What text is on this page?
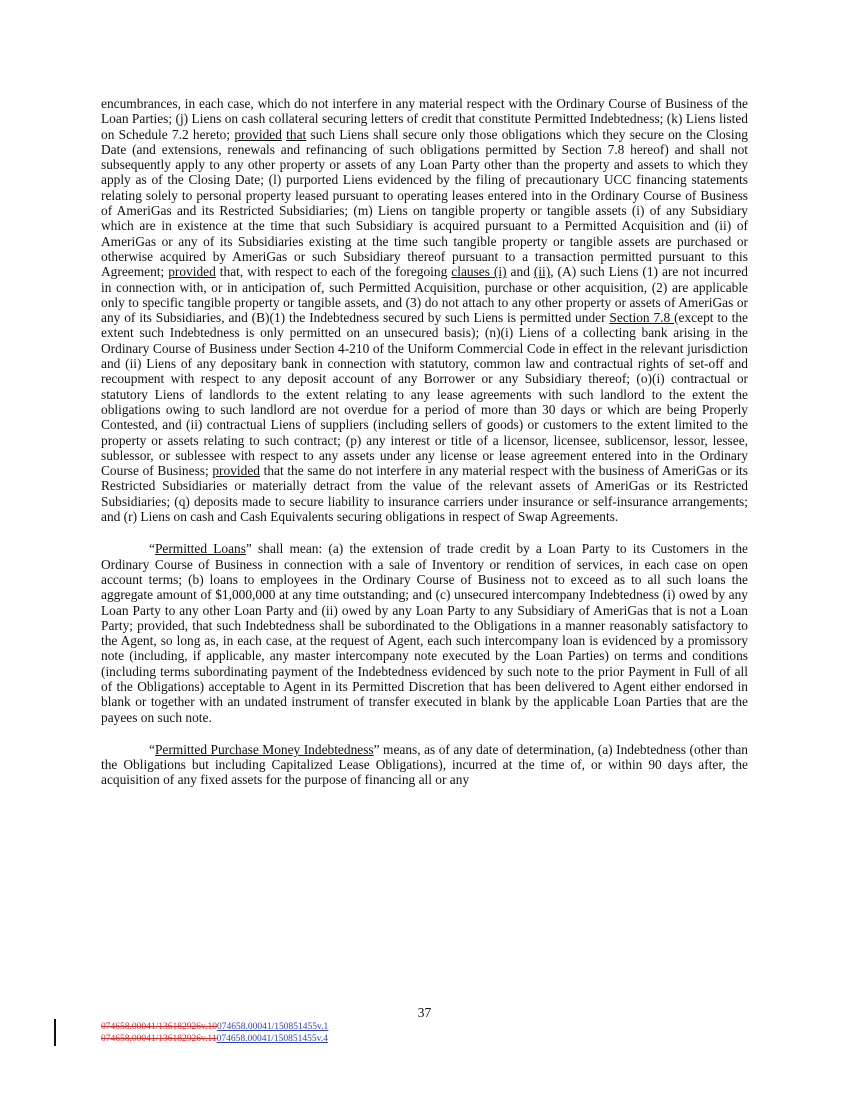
encumbrances, in each case, which do not interfere in any material respect with the Ordinary Course of Business of the Loan Parties; (j) Liens on cash collateral securing letters of credit that constitute Permitted Indebtedness; (k) Liens listed on Schedule 7.2 hereto; provided that such Liens shall secure only those obligations which they secure on the Closing Date (and extensions, renewals and refinancing of such obligations permitted by Section 7.8 hereof) and shall not subsequently apply to any other property or assets of any Loan Party other than the property and assets to which they apply as of the Closing Date; (l) purported Liens evidenced by the filing of precautionary UCC financing statements relating solely to personal property leased pursuant to operating leases entered into in the Ordinary Course of Business of AmeriGas and its Restricted Subsidiaries; (m) Liens on tangible property or tangible assets (i) of any Subsidiary which are in existence at the time that such Subsidiary is acquired pursuant to a Permitted Acquisition and (ii) of AmeriGas or any of its Subsidiaries existing at the time such tangible property or tangible assets are purchased or otherwise acquired by AmeriGas or such Subsidiary thereof pursuant to a transaction permitted pursuant to this Agreement; provided that, with respect to each of the foregoing clauses (i) and (ii), (A) such Liens (1) are not incurred in connection with, or in anticipation of, such Permitted Acquisition, purchase or other acquisition, (2) are applicable only to specific tangible property or tangible assets, and (3) do not attach to any other property or assets of AmeriGas or any of its Subsidiaries, and (B)(1) the Indebtedness secured by such Liens is permitted under Section 7.8 (except to the extent such Indebtedness is only permitted on an unsecured basis); (n)(i) Liens of a collecting bank arising in the Ordinary Course of Business under Section 4-210 of the Uniform Commercial Code in effect in the relevant jurisdiction and (ii) Liens of any depositary bank in connection with statutory, common law and contractual rights of set-off and recoupment with respect to any deposit account of any Borrower or any Subsidiary thereof; (o)(i) contractual or statutory Liens of landlords to the extent relating to any lease agreements with such landlord to the extent the obligations owing to such landlord are not overdue for a period of more than 30 days or which are being Properly Contested, and (ii) contractual Liens of suppliers (including sellers of goods) or customers to the extent limited to the property or assets relating to such contract; (p) any interest or title of a licensor, licensee, sublicensor, lessor, lessee, sublessor, or sublessee with respect to any assets under any license or lease agreement entered into in the Ordinary Course of Business; provided that the same do not interfere in any material respect with the business of AmeriGas or its Restricted Subsidiaries or materially detract from the value of the relevant assets of AmeriGas or its Restricted Subsidiaries; (q) deposits made to secure liability to insurance carriers under insurance or self-insurance arrangements; and (r) Liens on cash and Cash Equivalents securing obligations in respect of Swap Agreements.

“Permitted Loans” shall mean: (a) the extension of trade credit by a Loan Party to its Customers in the Ordinary Course of Business in connection with a sale of Inventory or rendition of services, in each case on open account terms; (b) loans to employees in the Ordinary Course of Business not to exceed as to all such loans the aggregate amount of $1,000,000 at any time outstanding; and (c) unsecured intercompany Indebtedness (i) owed by any Loan Party to any other Loan Party and (ii) owed by any Loan Party to any Subsidiary of AmeriGas that is not a Loan Party; provided, that such Indebtedness shall be subordinated to the Obligations in a manner reasonably satisfactory to the Agent, so long as, in each case, at the request of Agent, each such intercompany loan is evidenced by a promissory note (including, if applicable, any master intercompany note executed by the Loan Parties) on terms and conditions (including terms subordinating payment of the Indebtedness evidenced by such note to the prior Payment in Full of all of the Obligations) acceptable to Agent in its Permitted Discretion that has been delivered to Agent either endorsed in blank or together with an undated instrument of transfer executed in blank by the applicable Loan Parties that are the payees on such note.

“Permitted Purchase Money Indebtedness” means, as of any date of determination, (a) Indebtedness (other than the Obligations but including Capitalized Lease Obligations), incurred at the time of, or within 90 days after, the acquisition of any fixed assets for the purpose of financing all or any

37
074658.00041/136182926v.10074658.00041/150851455v.1
074658.00041/136182926v.11074658.00041/150851455v.4
